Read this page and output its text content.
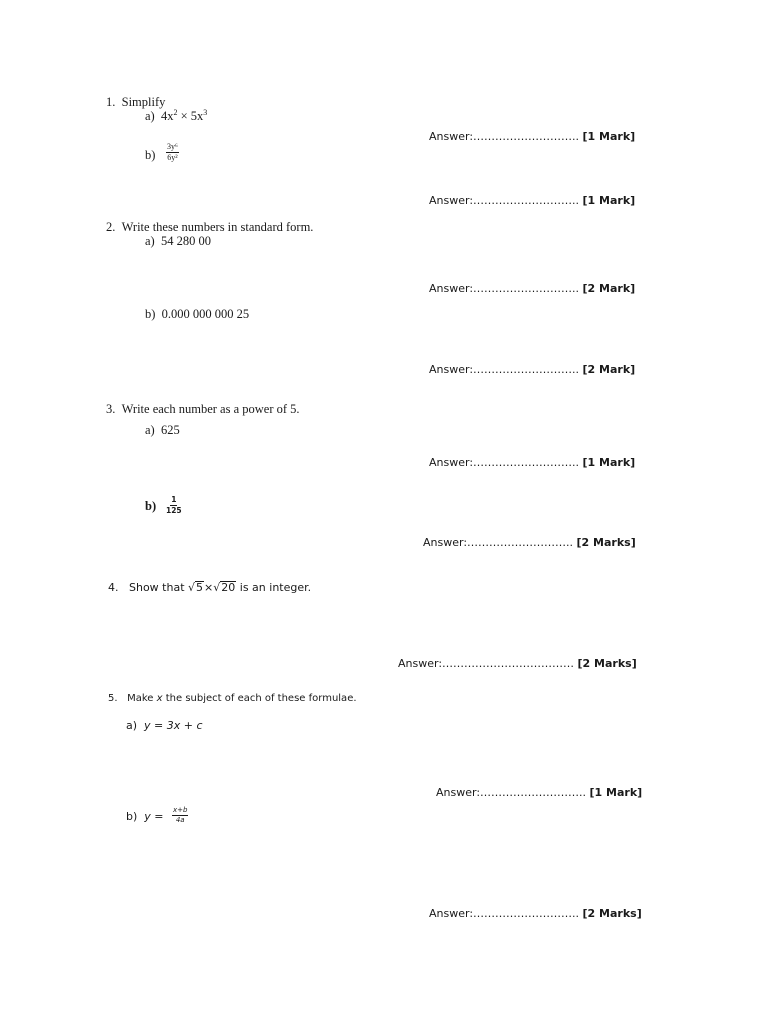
1. Simplify
a) $4x^2 \times 5x^3$
Answer:……………………….. [1 Mark]
$b) \frac{\text{3y⁶}}{\text{6y²}}$
Answer:……………………….. [1 Mark]
2. Write these numbers in standard form.
a) 54 280 00
Answer:……………………….. [2 Mark]
b) 0.000 000 000 25
Answer:……………………….. [2 Mark]
3. Write each number as a power of 5.
a) 625
Answer:……………………….. [1 Mark]
$b) \frac{1}{125}$
Answer:……………………….. [2 Marks]
4. Show that √ 5 ×√ 20 is an integer.
Answer:……………………………… [2 Marks]
5. Make x the subject of each of these formulae.
a) y = 3x + c
Answer:……………………….. [1 Mark]
b) $y = \frac{x+b}{4a}$
Answer:……………………….. [2 Marks]
